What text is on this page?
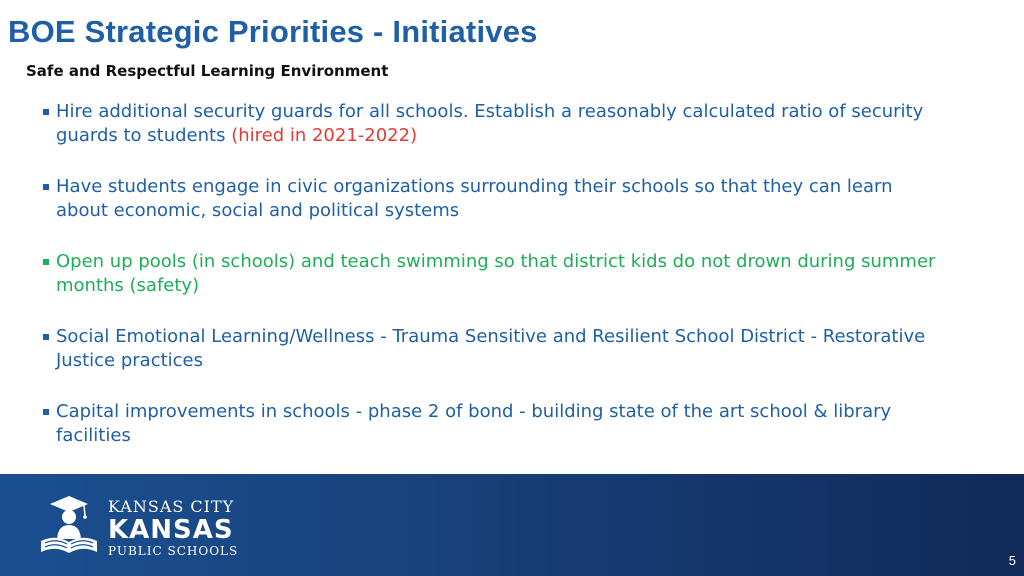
BOE Strategic Priorities - Initiatives
Safe and Respectful Learning Environment
Hire additional security guards for all schools. Establish a reasonably calculated ratio of security guards to students (hired in 2021-2022)
Have students engage in civic organizations surrounding their schools so that they can learn about economic, social and political systems
Open up pools (in schools) and teach swimming so that district kids do not drown during summer months (safety)
Social Emotional Learning/Wellness - Trauma Sensitive and Resilient School District - Restorative Justice practices
Capital improvements in schools - phase 2 of bond - building state of the art school & library facilities
KANSAS CITY
KANSAS
PUBLIC SCHOOLS
5
